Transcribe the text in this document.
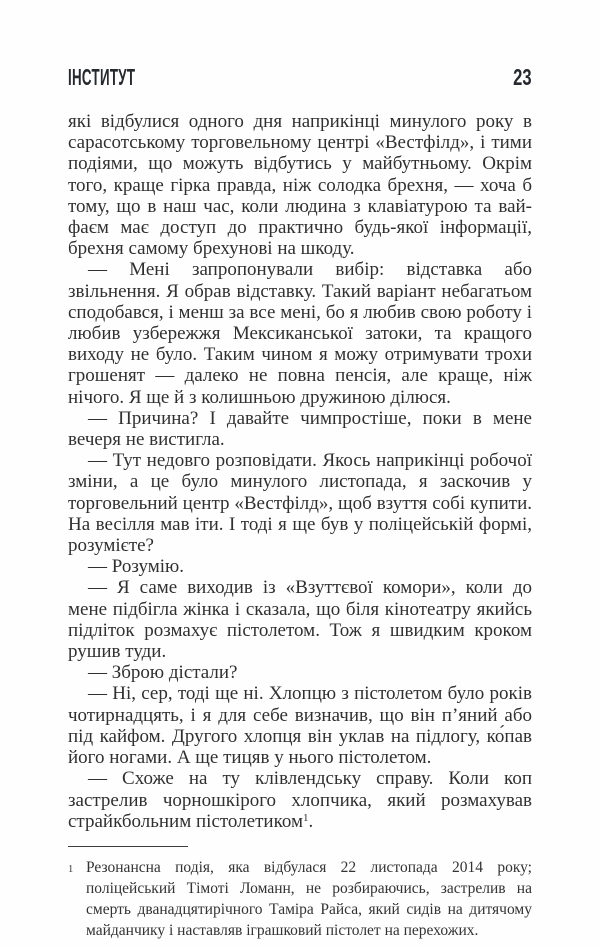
ІНСТИТУТ	23

які відбулися одного дня наприкінці минулого року в сарасотському торговельному центрі «Вестфілд», і тими подіями, що можуть відбутись у майбутньому. Окрім того, краще гірка правда, ніж солодка брехня, — хоча б тому, що в наш час, коли людина з клавіатурою та вай-фаєм має доступ до практично будь-якої інформації, брехня самому брехунові на шкоду.

— Мені запропонували вибір: відставка або звільнення. Я обрав відставку. Такий варіант небагатьом сподобався, і менш за все мені, бо я любив свою роботу і любив узбережжя Мексиканської затоки, та кращого виходу не було. Таким чином я можу отримувати трохи грошенят — далеко не повна пенсія, але краще, ніж нічого. Я ще й з колишньою дружиною ділюся.

— Причина? І давайте чимпростіше, поки в мене вечеря не вистигла.

— Тут недовго розповідати. Якось наприкінці робочої зміни, а це було минулого листопада, я заскочив у торговельний центр «Вестфілд», щоб взуття собі купити. На весілля мав іти. І тоді я ще був у поліцейській формі, розумієте?

— Розумію.

— Я саме виходив із «Взуттєвої комори», коли до мене підбігла жінка і сказала, що біля кінотеатру якийсь підліток розмахує пістолетом. Тож я швидким кроком рушив туди.

— Зброю дістали?

— Ні, сер, тоді ще ні. Хлопцю з пістолетом було років чотирнадцять, і я для себе визначив, що він п’яний або під кайфом. Другого хлопця він уклав на підлогу, ко́пав його ногами. А ще тицяв у нього пістолетом.

— Схоже на ту клівлендську справу. Коли коп застрелив чорношкірого хлопчика, який розмахував страйкбольним пістолетиком$^1$.

1 Резонансна подія, яка відбулася 22 листопада 2014 року; поліцейський Тімоті Ломанн, не розбираючись, застрелив на смерть дванадцятирічного Таміра Райса, який сидів на дитячому майданчику і наставляв іграшковий пістолет на перехожих.
